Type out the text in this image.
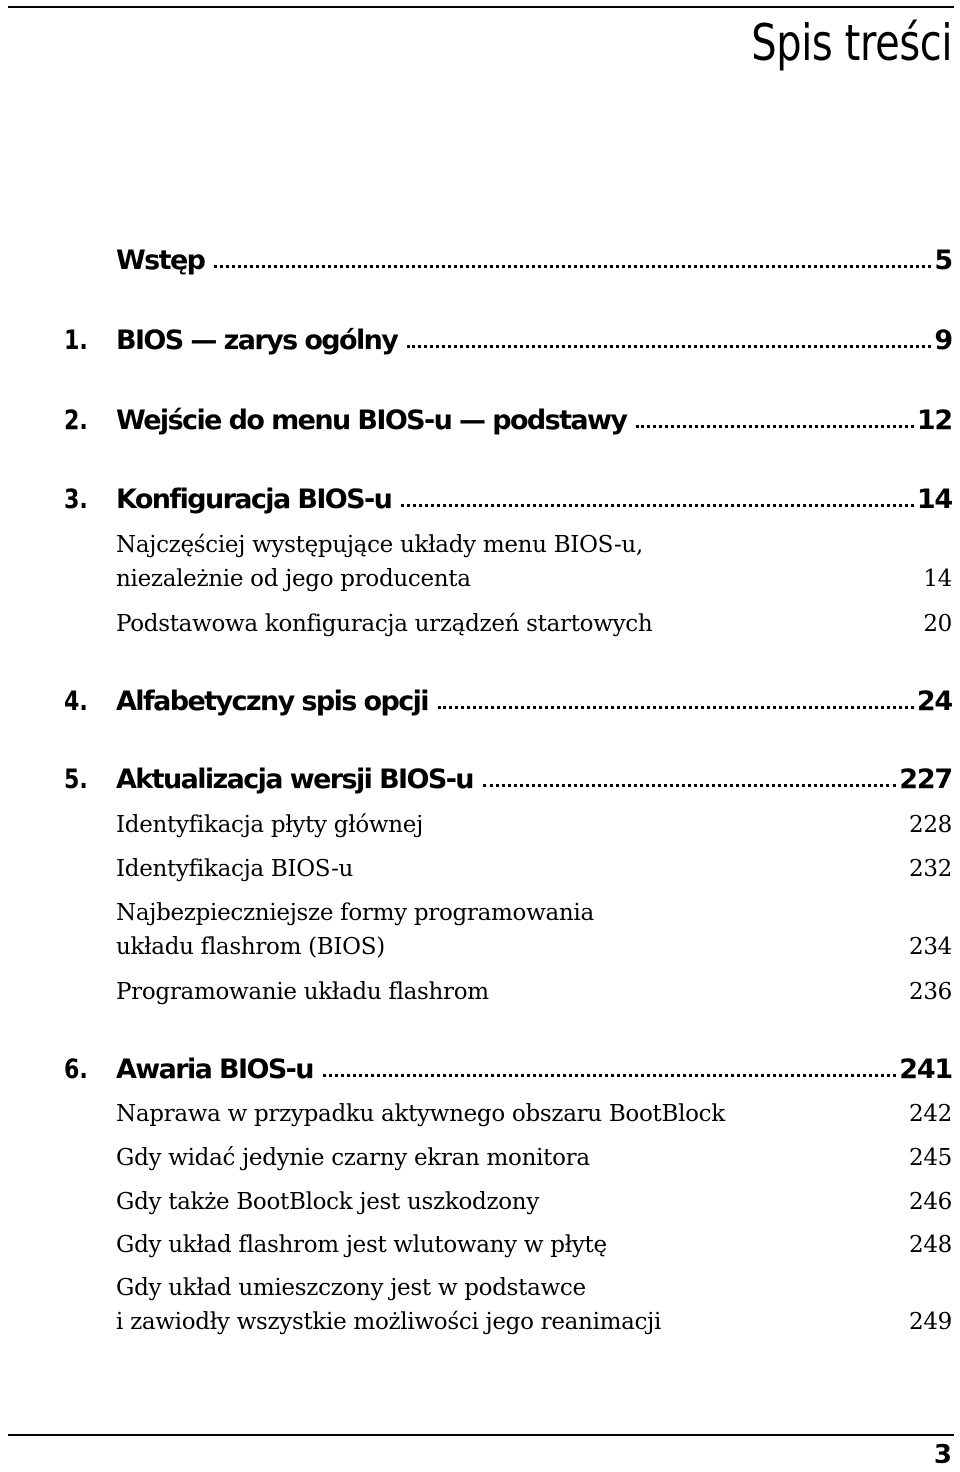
Spis treści
Wstęp	5
1. BIOS — zarys ogólny	9
2. Wejście do menu BIOS-u — podstawy	12
3. Konfiguracja BIOS-u	14
Najczęściej występujące układy menu BIOS-u,
niezależnie od jego producenta	14
Podstawowa konfiguracja urządzeń startowych	20
4. Alfabetyczny spis opcji	24
5. Aktualizacja wersji BIOS-u	227
Identyfikacja płyty głównej	228
Identyfikacja BIOS-u	232
Najbezpieczniejsze formy programowania
układu flashrom (BIOS)	234
Programowanie układu flashrom	236
6. Awaria BIOS-u	241
Naprawa w przypadku aktywnego obszaru BootBlock	242
Gdy widać jedynie czarny ekran monitora	245
Gdy także BootBlock jest uszkodzony	246
Gdy układ flashrom jest wlutowany w płytę	248
Gdy układ umieszczony jest w podstawce
i zawiodły wszystkie możliwości jego reanimacji	249
3
